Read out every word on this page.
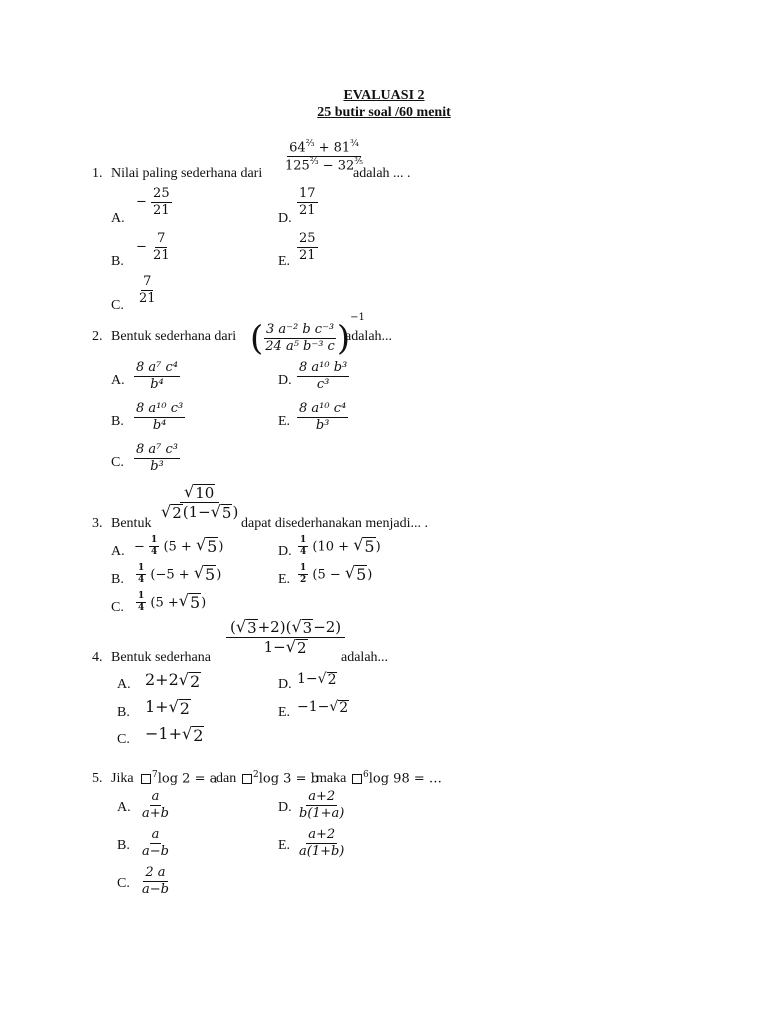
EVALUASI 2
25 butir soal /60 menit
1. Nilai paling sederhana dari
$\frac{64^{\frac{2}{3}} + 81^{\frac{3}{4}}}{125^{\frac{2}{3}} - 32^{\frac{3}{5}}}$
adalah ... .
A.
− $\frac{25}{21}$
B.
− $\frac{7}{21}$
C.
$\frac{7}{21}$
D.
$\frac{17}{21}$
E. $\frac{25}{21}$
2. Bentuk sederhana dari ( $\frac{\text{3 a⁻² b c⁻³}}{\text{24 a⁵ b⁻³ c}} )^{-1}$
adalah...
A. $\frac{\text{8 a⁷ c⁴}}{\text{b⁴}}$
B. $\frac{\text{8 a¹⁰ c³}}{\text{b⁴}}$
C. $\frac{\text{8 a⁷ c³}}{\text{b³}}$
D. $\frac{\text{8 a¹⁰ b³}}{\text{c³}}$
E. $\frac{\text{8 a¹⁰ c⁴}}{\text{b³}}$
3. Bentuk
$\frac{√ 10}{√ 2 (1- √ 5 )}$
dapat disederhanakan menjadi... .
A. − $\frac{1}{4} (5$ + √ 5 )
B. $\frac{1}{4} (-5$ + √ 5 )
C. $\frac{1}{4} (5$ + √ 5 )
D. $\frac{1}{4} (10$ + √ 5 )
E. $\frac{1}{2} (5$ − √ 5 )
4. Bentuk sederhana
$\frac{( √ 3 +2)( √ 3 -2)}{1- √ 2}$
adalah...
A. 2+2 √ 2
B. 1+ √ 2
C. −1+ √ 2
D. 1− √ 2
E. −1− √ 2
5. Jika	$^7$log 2 = a
dan	$^2$log 3 = b
maka	$^6$log 98 = …
A. $\frac{a}{a+b}$
B. $\frac{a}{a-b}$
C. $\frac{2 a}{a-b}$
D. $\frac{a+2}{b(1+a)}$
E. $\frac{a+2}{a(1+b)}$
